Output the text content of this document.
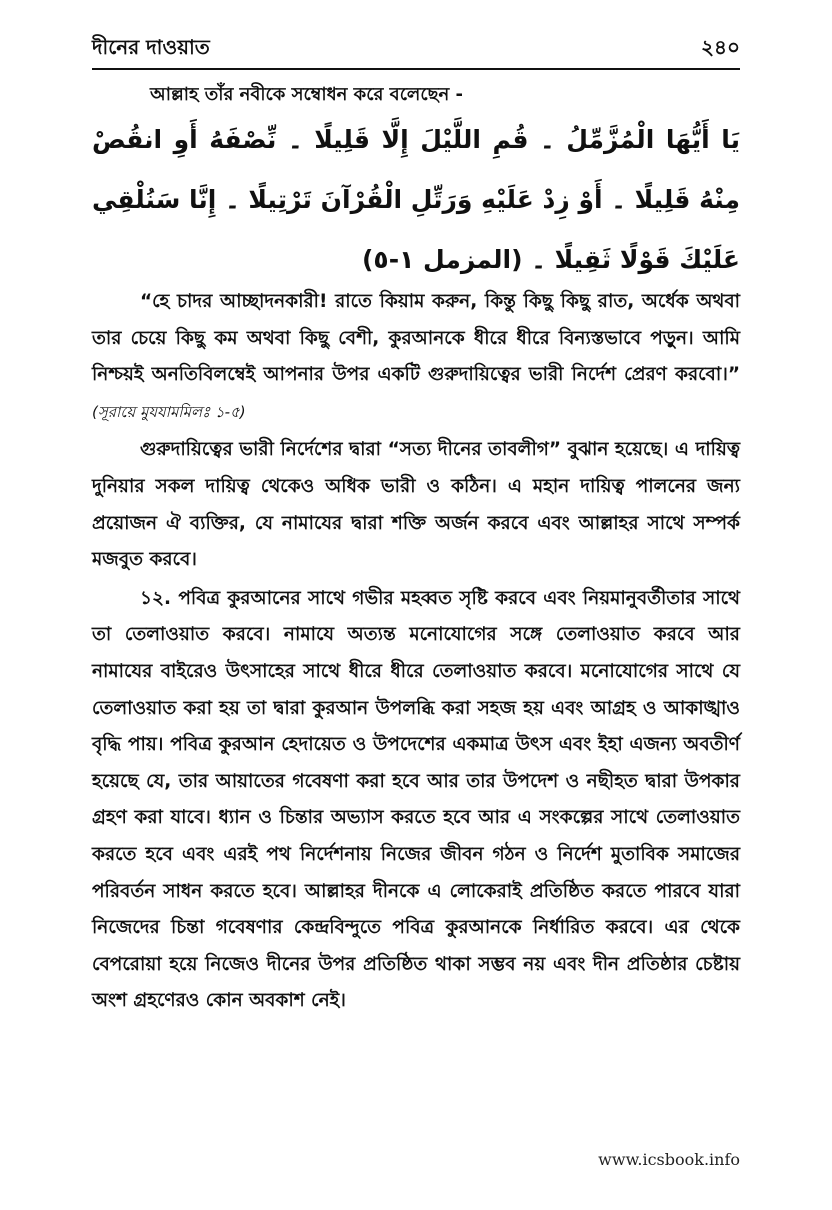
দীনের দাওয়াত	২৪০
আল্লাহ তাঁর নবীকে সম্বোধন করে বলেছেন -
يَا أَيُّهَا الْمُزَّمِّلُ ۔ قُمِ اللَّيْلَ إِلَّا قَلِيلًا ۔ نِّصْفَهُ أَوِ انقُصْ
مِنْهُ قَلِيلًا ۔ أَوْ زِدْ عَلَيْهِ وَرَتِّلِ الْقُرْآنَ تَرْتِيلًا ۔ إِنَّا سَنُلْقِي
عَلَيْكَ قَوْلًا ثَقِيلًا ۔ (المزمل ١-٥)

“হে চাদর আচ্ছাদনকারী! রাতে কিয়াম করুন, কিন্তু কিছু কিছু রাত, অর্ধেক অথবা তার চেয়ে কিছু কম অথবা কিছু বেশী, কুরআনকে ধীরে ধীরে বিন্যস্তভাবে পড়ুন। আমি নিশ্চয়ই অনতিবিলম্বেই আপনার উপর একটি গুরুদায়িত্বের ভারী নির্দেশ প্রেরণ করবো।” (সূরায়ে মুযযামমিলঃ ১-৫)

গুরুদায়িত্বের ভারী নির্দেশের দ্বারা “সত্য দীনের তাবলীগ” বুঝান হয়েছে। এ দায়িত্ব দুনিয়ার সকল দায়িত্ব থেকেও অধিক ভারী ও কঠিন। এ মহান দায়িত্ব পালনের জন্য প্রয়োজন ঐ ব্যক্তির, যে নামাযের দ্বারা শক্তি অর্জন করবে এবং আল্লাহর সাথে সম্পর্ক মজবুত করবে।

১২. পবিত্র কুরআনের সাথে গভীর মহব্বত সৃষ্টি করবে এবং নিয়মানুবর্তীতার সাথে তা তেলাওয়াত করবে। নামাযে অত্যন্ত মনোযোগের সঙ্গে তেলাওয়াত করবে আর নামাযের বাইরেও উৎসাহের সাথে ধীরে ধীরে তেলাওয়াত করবে। মনোযোগের সাথে যে তেলাওয়াত করা হয় তা দ্বারা কুরআন উপলব্ধি করা সহজ হয় এবং আগ্রহ ও আকাঙ্খাও বৃদ্ধি পায়। পবিত্র কুরআন হেদায়েত ও উপদেশের একমাত্র উৎস এবং ইহা এজন্য অবতীর্ণ হয়েছে যে, তার আয়াতের গবেষণা করা হবে আর তার উপদেশ ও নছীহত দ্বারা উপকার গ্রহণ করা যাবে। ধ্যান ও চিন্তার অভ্যাস করতে হবে আর এ সংকল্পের সাথে তেলাওয়াত করতে হবে এবং এরই পথ নির্দেশনায় নিজের জীবন গঠন ও নির্দেশ মুতাবিক সমাজের পরিবর্তন সাধন করতে হবে। আল্লাহর দীনকে এ লোকেরাই প্রতিষ্ঠিত করতে পারবে যারা নিজেদের চিন্তা গবেষণার কেন্দ্রবিন্দুতে পবিত্র কুরআনকে নির্ধারিত করবে। এর থেকে বেপরোয়া হয়ে নিজেও দীনের উপর প্রতিষ্ঠিত থাকা সম্ভব নয় এবং দীন প্রতিষ্ঠার চেষ্টায় অংশ গ্রহণেরও কোন অবকাশ নেই।

www.icsbook.info
